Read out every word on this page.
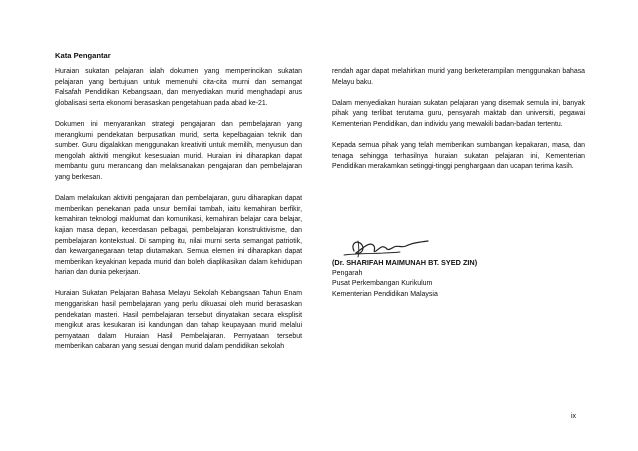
Kata Pengantar

Huraian sukatan pelajaran ialah dokumen yang memperincikan sukatan pelajaran yang bertujuan untuk memenuhi cita-cita murni dan semangat Falsafah Pendidikan Kebangsaan, dan menyediakan murid menghadapi arus globalisasi serta ekonomi berasaskan pengetahuan pada abad ke-21.

Dokumen ini menyarankan strategi pengajaran dan pembelajaran yang merangkumi pendekatan berpusatkan murid, serta kepelbagaian teknik dan sumber. Guru digalakkan menggunakan kreativiti untuk memilih, menyusun dan mengolah aktiviti mengikut kesesuaian murid. Huraian ini diharapkan dapat membantu guru merancang dan melaksanakan pengajaran dan pembelajaran yang berkesan.

Dalam melakukan aktiviti pengajaran dan pembelajaran, guru diharapkan dapat memberikan penekanan pada unsur bernilai tambah, iaitu kemahiran berfikir, kemahiran teknologi maklumat dan komunikasi, kemahiran belajar cara belajar, kajian masa depan, kecerdasan pelbagai, pembelajaran konstruktivisme, dan pembelajaran kontekstual. Di samping itu, nilai murni serta semangat patriotik, dan kewarganegaraan tetap diutamakan. Semua elemen ini diharapkan dapat memberikan keyakinan kepada murid dan boleh diaplikasikan dalam kehidupan harian dan dunia pekerjaan.

Huraian Sukatan Pelajaran Bahasa Melayu Sekolah Kebangsaan Tahun Enam menggariskan hasil pembelajaran yang perlu dikuasai oleh murid berasaskan pendekatan masteri. Hasil pembelajaran tersebut dinyatakan secara eksplisit mengikut aras kesukaran isi kandungan dan tahap keupayaan murid melalui pernyataan dalam Huraian Hasil Pembelajaran. Pernyataan tersebut memberikan cabaran yang sesuai dengan murid dalam pendidikan sekolah

rendah agar dapat melahirkan murid yang berketerampilan menggunakan bahasa Melayu baku.

Dalam menyediakan huraian sukatan pelajaran yang disemak semula ini, banyak pihak yang terlibat terutama guru, pensyarah maktab dan universiti, pegawai Kementerian Pendidikan, dan individu yang mewakili badan-badan tertentu.

Kepada semua pihak yang telah memberikan sumbangan kepakaran, masa, dan tenaga sehingga terhasilnya huraian sukatan pelajaran ini, Kementerian Pendidikan merakamkan setinggi-tinggi penghargaan dan ucapan terima kasih.

(Dr. SHARIFAH MAIMUNAH BT. SYED ZIN)
Pengarah
Pusat Perkembangan Kurikulum
Kementerian Pendidikan Malaysia
ix
